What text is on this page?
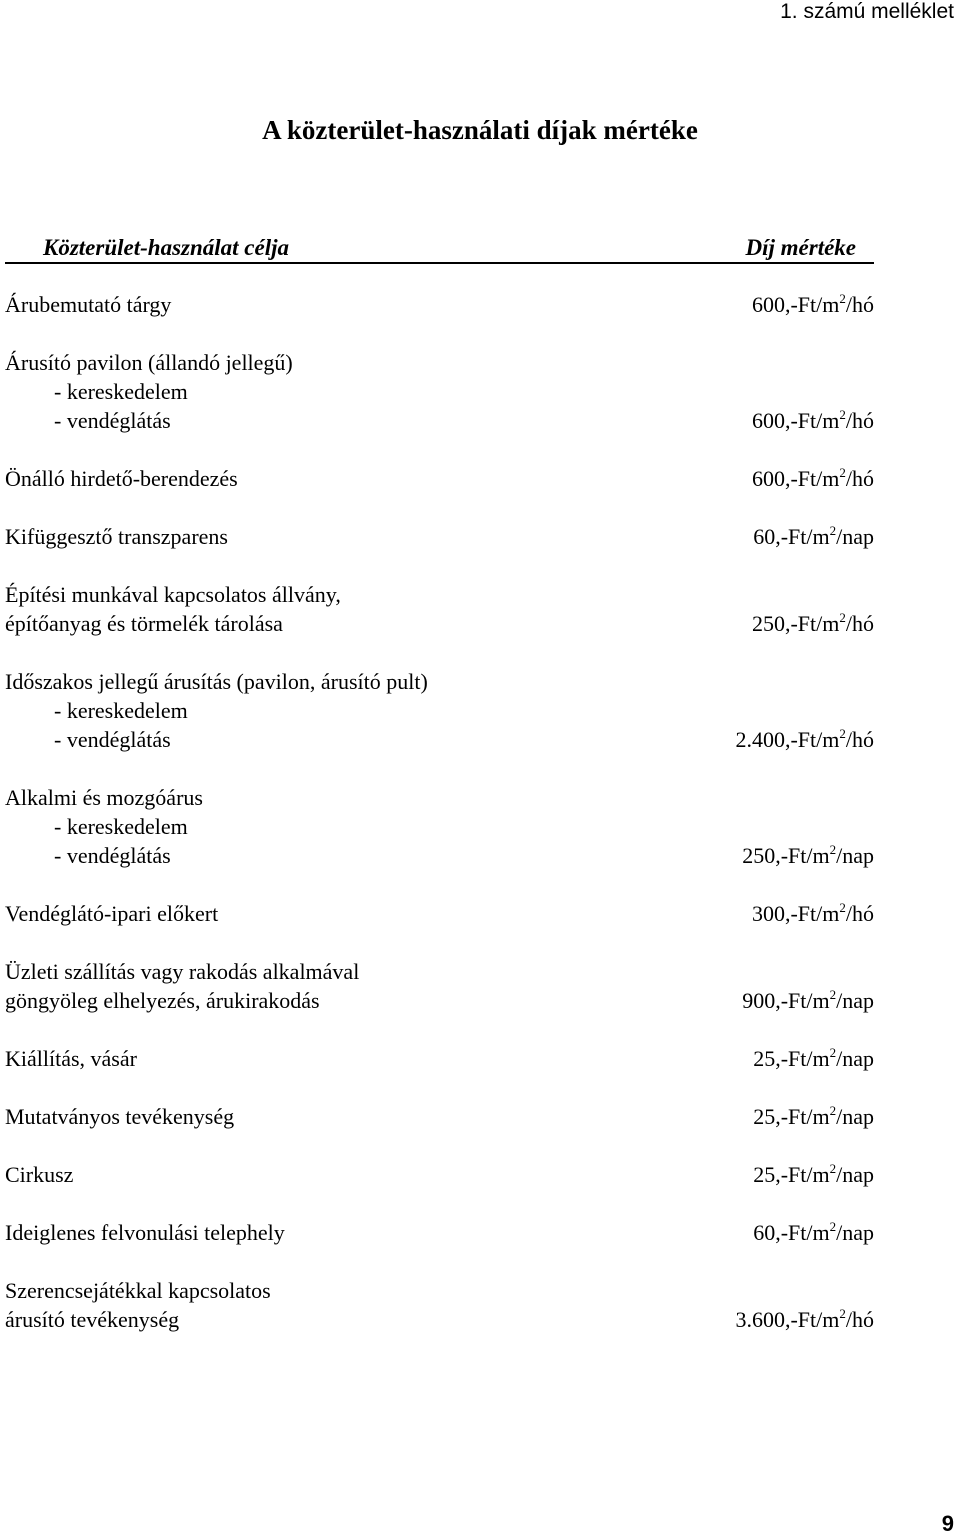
1. számú melléklet
A közterület-használati díjak mértéke
Közterület-használat célja	Díj mértéke
Árubemutató tárgy	$600,-Ft/m^2/hó$
Árusító pavilon (állandó jellegű)
- kereskedelem
- vendéglátás	$600,-Ft/m^2/hó$
Önálló hirdető-berendezés	$600,-Ft/m^2/hó$
Kifüggesztő transzparens	$60,-Ft/m^2$/nap
Építési munkával kapcsolatos állvány,
építőanyag és törmelék tárolása	$250,-Ft/m^2/hó$
Időszakos jellegű árusítás (pavilon, árusító pult)
- kereskedelem
- vendéglátás	$2.400,-Ft/m^2/hó$
Alkalmi és mozgóárus
- kereskedelem
- vendéglátás	$250,-Ft/m^2$/nap
Vendéglátó-ipari előkert	$300,-Ft/m^2/hó$
Üzleti szállítás vagy rakodás alkalmával
göngyöleg elhelyezés, árukirakodás	$900,-Ft/m^2$/nap
Kiállítás, vásár	$25,-Ft/m^2$/nap
Mutatványos tevékenység	$25,-Ft/m^2$/nap
Cirkusz	$25,-Ft/m^2$/nap
Ideiglenes felvonulási telephely	$60,-Ft/m^2$/nap
Szerencsejátékkal kapcsolatos
árusító tevékenység	$3.600,-Ft/m^2/hó$
9
